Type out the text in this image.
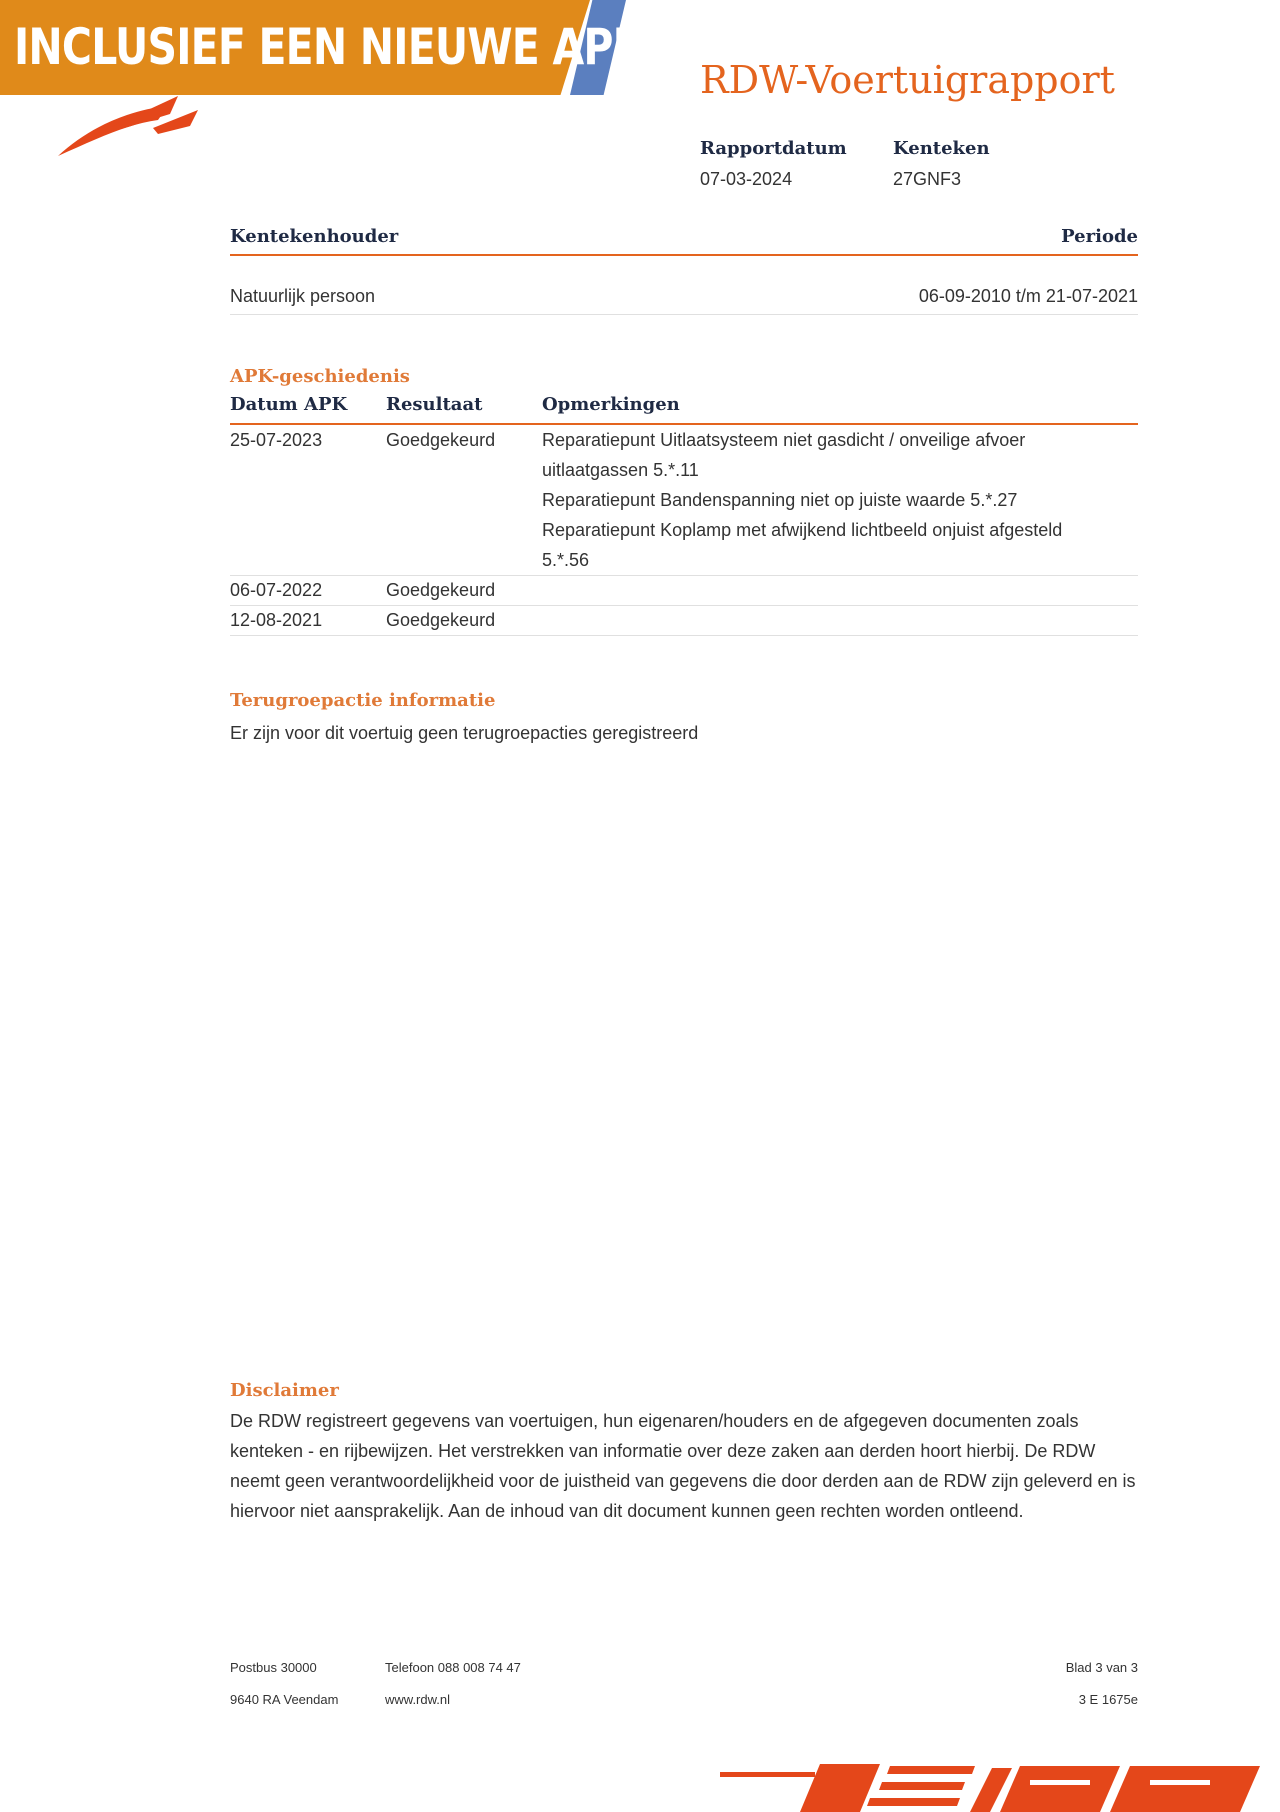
INCLUSIEF EEN NIEUWE APK
RDW-Voertuigrapport
Rapportdatum
07-03-2024
Kenteken
27GNF3
Kentekenhouder	Periode
Natuurlijk persoon	06-09-2010 t/m 21-07-2021
APK-geschiedenis
Datum APK	Resultaat	Opmerkingen
25-07-2023	Goedgekeurd	Reparatiepunt Uitlaatsysteem niet gasdicht / onveilige afvoer
uitlaatgassen 5.*.11
Reparatiepunt Bandenspanning niet op juiste waarde 5.*.27
Reparatiepunt Koplamp met afwijkend lichtbeeld onjuist afgesteld
5.*.56
06-07-2022	Goedgekeurd
12-08-2021	Goedgekeurd
Terugroepactie informatie
Er zijn voor dit voertuig geen terugroepacties geregistreerd
Disclaimer
De RDW registreert gegevens van voertuigen, hun eigenaren/houders en de afgegeven documenten zoals kenteken - en rijbewijzen. Het verstrekken van informatie over deze zaken aan derden hoort hierbij. De RDW neemt geen verantwoordelijkheid voor de juistheid van gegevens die door derden aan de RDW zijn geleverd en is hiervoor niet aansprakelijk. Aan de inhoud van dit document kunnen geen rechten worden ontleend.
Postbus 30000
9640 RA Veendam
Telefoon 088 008 74 47
www.rdw.nl
Blad 3 van 3
3 E 1675e
